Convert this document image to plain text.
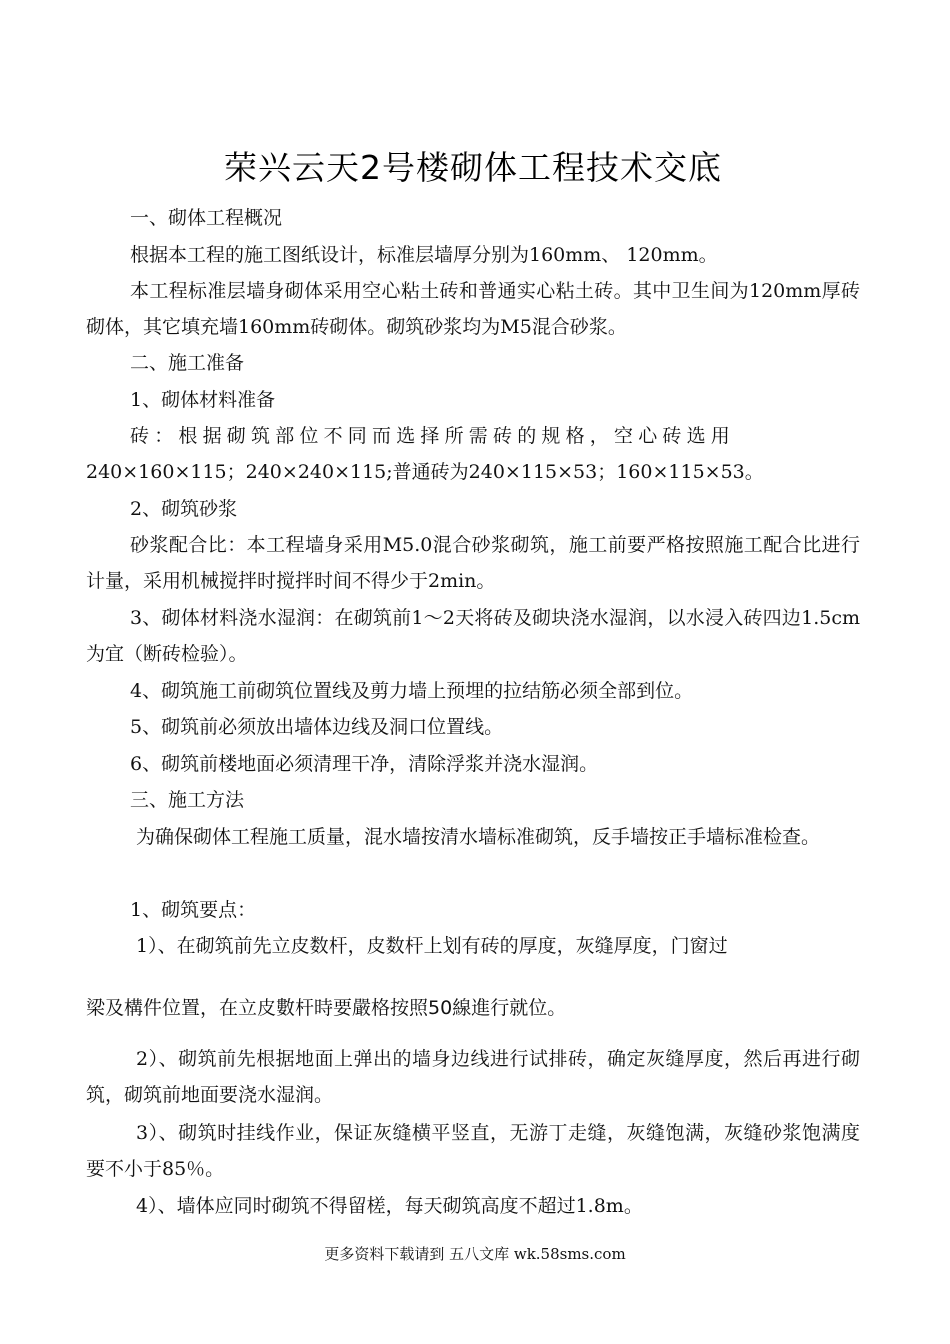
荣兴云天2号楼砌体工程技术交底

一、砌体工程概况

根据本工程的施工图纸设计，标准层墙厚分别为160mm、 120mm。

本工程标准层墙身砌体采用空心粘土砖和普通实心粘土砖。其中卫生间为120mm厚砖砌体，其它填充墙160mm砖砌体。砌筑砂浆均为M5混合砂浆。

二、施工准备

1、砌体材料准备

砖：根据砌筑部位不同而选择所需砖的规格，空心砖选用

240×160×115；240×240×115;普通砖为240×115×53；160×115×53。

2、砌筑砂浆

砂浆配合比：本工程墙身采用M5.0混合砂浆砌筑，施工前要严格按照施工配合比进行计量，采用机械搅拌时搅拌时间不得少于2min。

3、砌体材料浇水湿润：在砌筑前1～2天将砖及砌块浇水湿润，以水浸入砖四边1.5cm为宜（断砖检验）。

4、砌筑施工前砌筑位置线及剪力墙上预埋的拉结筋必须全部到位。

5、砌筑前必须放出墙体边线及洞口位置线。

6、砌筑前楼地面必须清理干净，清除浮浆并浇水湿润。

三、施工方法

为确保砌体工程施工质量，混水墙按清水墙标准砌筑，反手墙按正手墙标准检查。

1、砌筑要点：

1）、在砌筑前先立皮数杆，皮数杆上划有砖的厚度，灰缝厚度，门窗过

梁及構件位置，在立皮數杆時要嚴格按照50線進行就位。

2）、砌筑前先根据地面上弹出的墙身边线进行试排砖，确定灰缝厚度，然后再进行砌筑，砌筑前地面要浇水湿润。

3）、砌筑时挂线作业，保证灰缝横平竖直，无游丁走缝，灰缝饱满，灰缝砂浆饱满度要不小于85％。

4）、墙体应同时砌筑不得留槎，每天砌筑高度不超过1.8m。

更多资料下载请到 五八文库 wk.58sms.com
